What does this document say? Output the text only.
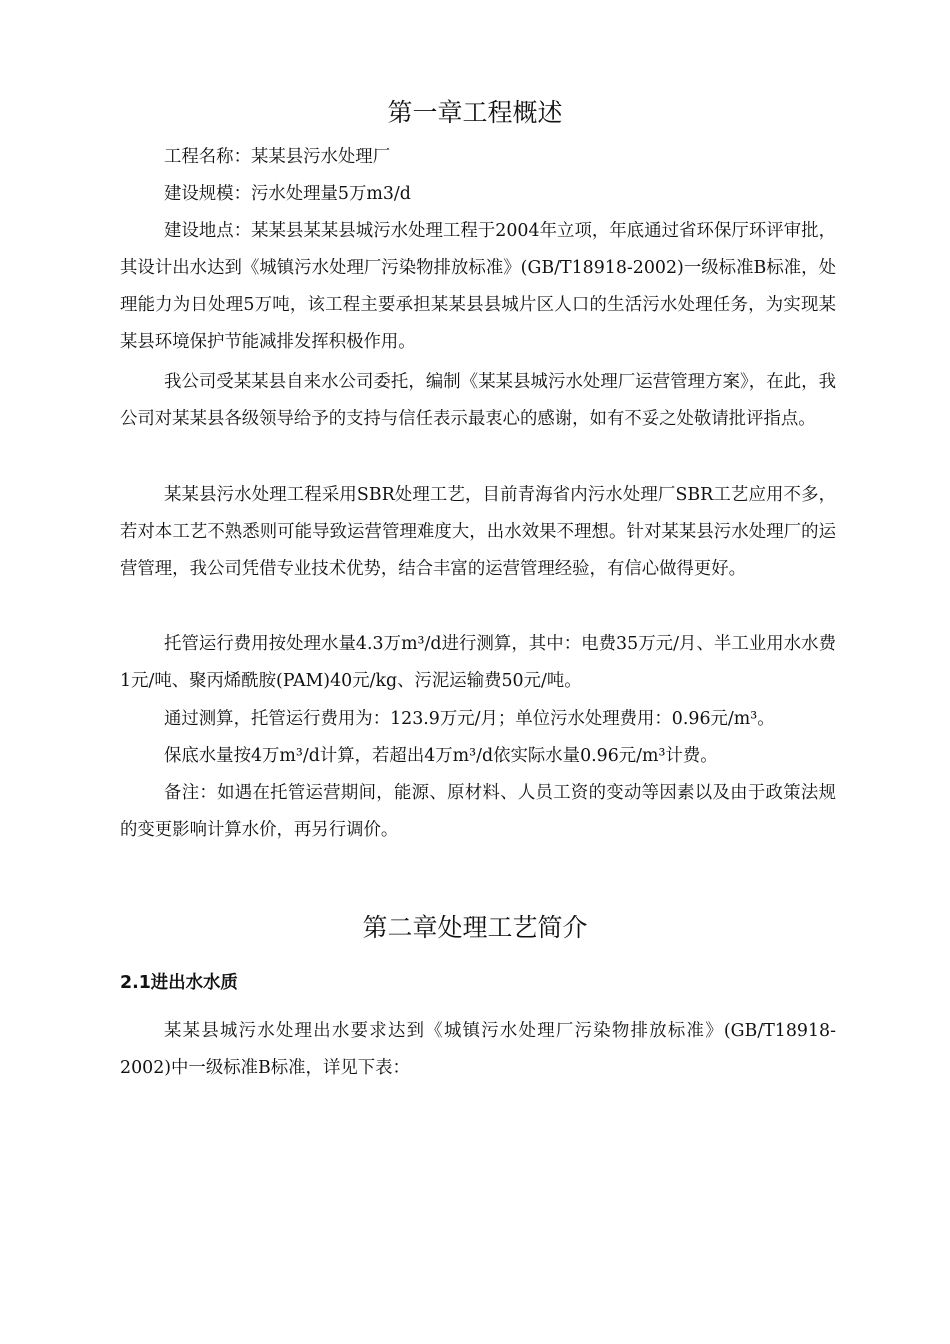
第一章工程概述

工程名称：某某县污水处理厂

建设规模：污水处理量5万m3/d

建设地点：某某县某某县城污水处理工程于2004年立项，年底通过省环保厅环评审批，其设计出水达到《城镇污水处理厂污染物排放标准》(GB/T18918-2002)一级标准B标准，处理能力为日处理5万吨，该工程主要承担某某县县城片区人口的生活污水处理任务，为实现某某县环境保护节能减排发挥积极作用。

我公司受某某县自来水公司委托，编制《某某县城污水处理厂运营管理方案》，在此，我公司对某某县各级领导给予的支持与信任表示最衷心的感谢，如有不妥之处敬请批评指点。

某某县污水处理工程采用SBR处理工艺，目前青海省内污水处理厂SBR工艺应用不多，若对本工艺不熟悉则可能导致运营管理难度大，出水效果不理想。针对某某县污水处理厂的运营管理，我公司凭借专业技术优势，结合丰富的运营管理经验，有信心做得更好。

托管运行费用按处理水量4.3万m³/d进行测算，其中：电费35万元/月、半工业用水水费1元/吨、聚丙烯酰胺(PAM)40元/kg、污泥运输费50元/吨。

通过测算，托管运行费用为：123.9万元/月；单位污水处理费用：0.96元/m³。

保底水量按4万m³/d计算，若超出4万m³/d依实际水量0.96元/m³计费。

备注：如遇在托管运营期间，能源、原材料、人员工资的变动等因素以及由于政策法规的变更影响计算水价，再另行调价。

第二章处理工艺简介
2.1进出水水质

某某县城污水处理出水要求达到《城镇污水处理厂污染物排放标准》(GB/T18918-2002)中一级标准B标准，详见下表：
